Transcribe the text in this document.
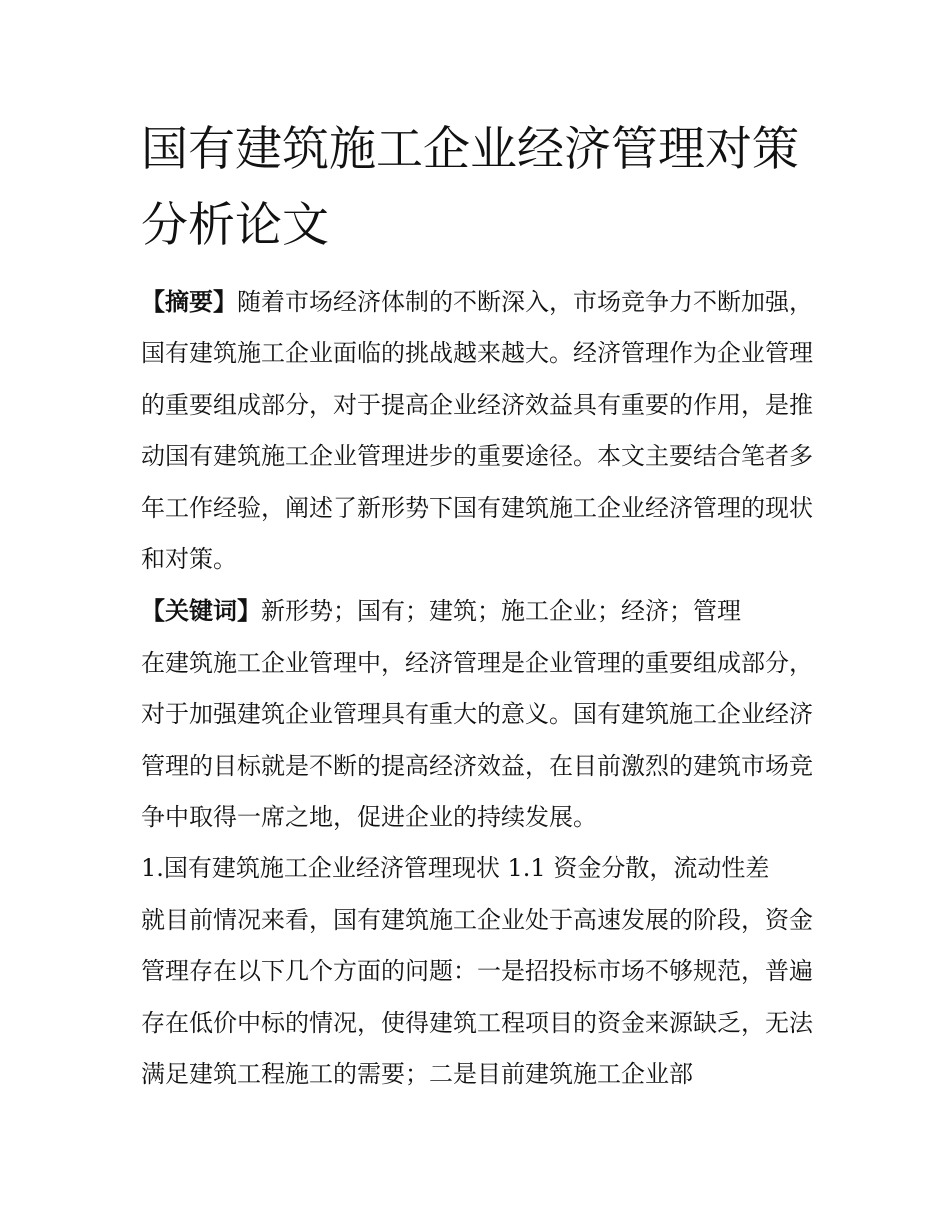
国有建筑施工企业经济管理对策分析论文

【摘要】随着市场经济体制的不断深入，市场竞争力不断加强，国有建筑施工企业面临的挑战越来越大。经济管理作为企业管理的重要组成部分，对于提高企业经济效益具有重要的作用，是推动国有建筑施工企业管理进步的重要途径。本文主要结合笔者多年工作经验，阐述了新形势下国有建筑施工企业经济管理的现状和对策。

【关键词】新形势；国有；建筑；施工企业；经济；管理

在建筑施工企业管理中，经济管理是企业管理的重要组成部分，对于加强建筑企业管理具有重大的意义。国有建筑施工企业经济管理的目标就是不断的提高经济效益，在目前激烈的建筑市场竞争中取得一席之地，促进企业的持续发展。

1.国有建筑施工企业经济管理现状 1.1 资金分散，流动性差

就目前情况来看，国有建筑施工企业处于高速发展的阶段，资金管理存在以下几个方面的问题：一是招投标市场不够规范，普遍存在低价中标的情况，使得建筑工程项目的资金来源缺乏，无法满足建筑工程施工的需要；二是目前建筑施工企业部
